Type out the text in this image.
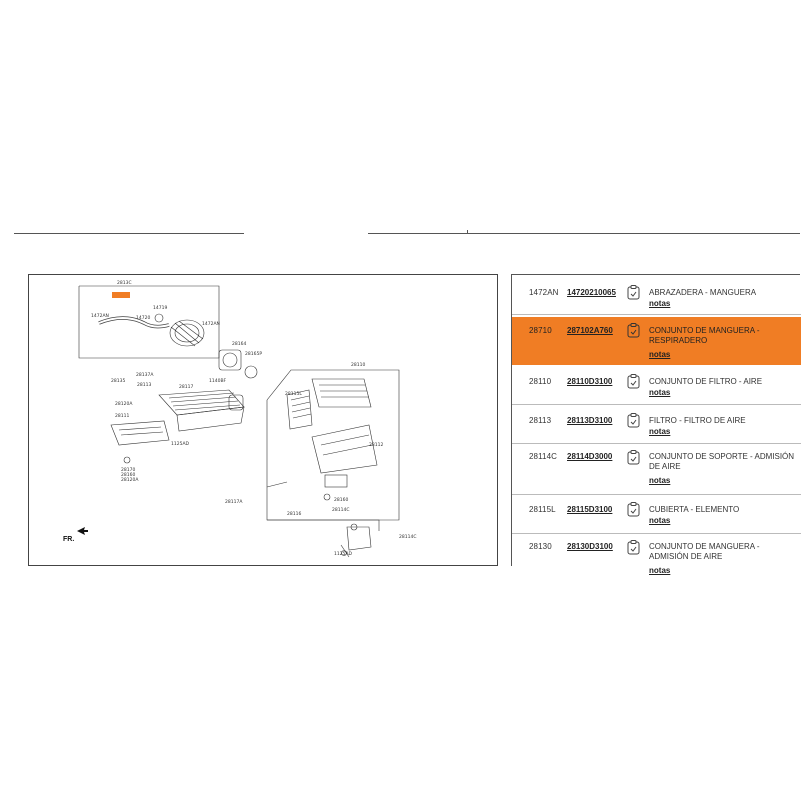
FR.
2813C
1472AN	14720
14719
1472AN
28164
28165P
28135
28137A
28113	28117
1140BF
28110
28115L
28120A
28111
1125AD	28112
28170
28160
28114C
28160
28120A
28116
28117A
28114C
1125AD
1472AN 14720210065	ABRAZADERA - MANGUERA
notas
28710 287102A760	CONJUNTO DE MANGUERA - RESPIRADERO
notas
28110 28110D3100	CONJUNTO DE FILTRO - AIRE
notas
28113 28113D3100	FILTRO - FILTRO DE AIRE
notas
28114C 28114D3000	CONJUNTO DE SOPORTE - ADMISIÓN DE AIRE
notas
28115L 28115D3100	CUBIERTA - ELEMENTO
notas
28130 28130D3100	CONJUNTO DE MANGUERA - ADMISIÓN DE AIRE
notas
